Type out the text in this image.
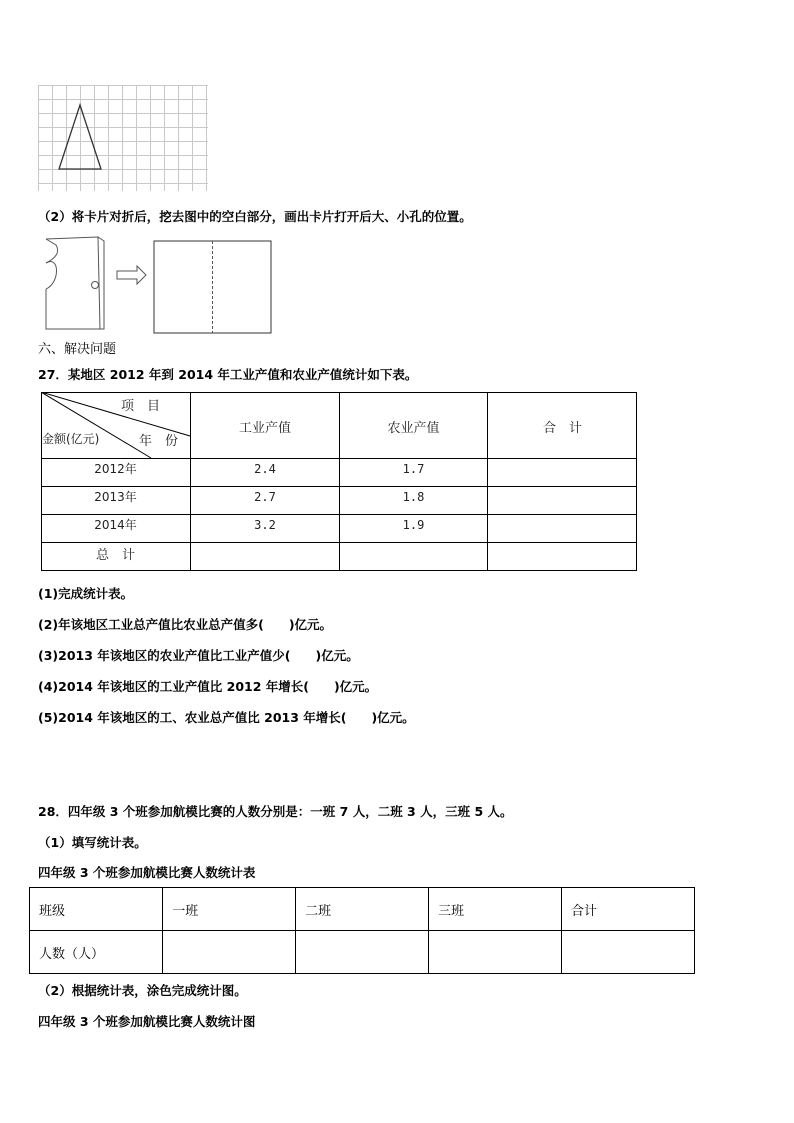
（2）将卡片对折后，挖去图中的空白部分，画出卡片打开后大、小孔的位置。
六、解决问题
27．某地区 2012 年到 2014 年工业产值和农业产值统计如下表。
项　目
年　份
金额(亿元)
工业产值	农业产值	合　计
2012年	2.4	1.7
2013年	2.7	1.8
2014年	3.2	1.9
总　计
(1)完成统计表。
(2)年该地区工业总产值比农业总产值多(　　)亿元。
(3)2013 年该地区的农业产值比工业产值少(　　)亿元。
(4)2014 年该地区的工业产值比 2012 年增长(　　)亿元。
(5)2014 年该地区的工、农业总产值比 2013 年增长(　　)亿元。
28．四年级 3 个班参加航模比赛的人数分别是：一班 7 人，二班 3 人，三班 5 人。
（1）填写统计表。
四年级 3 个班参加航模比赛人数统计表
班级	一班	二班	三班	合计
人数（人）				
（2）根据统计表，涂色完成统计图。
四年级 3 个班参加航模比赛人数统计图
